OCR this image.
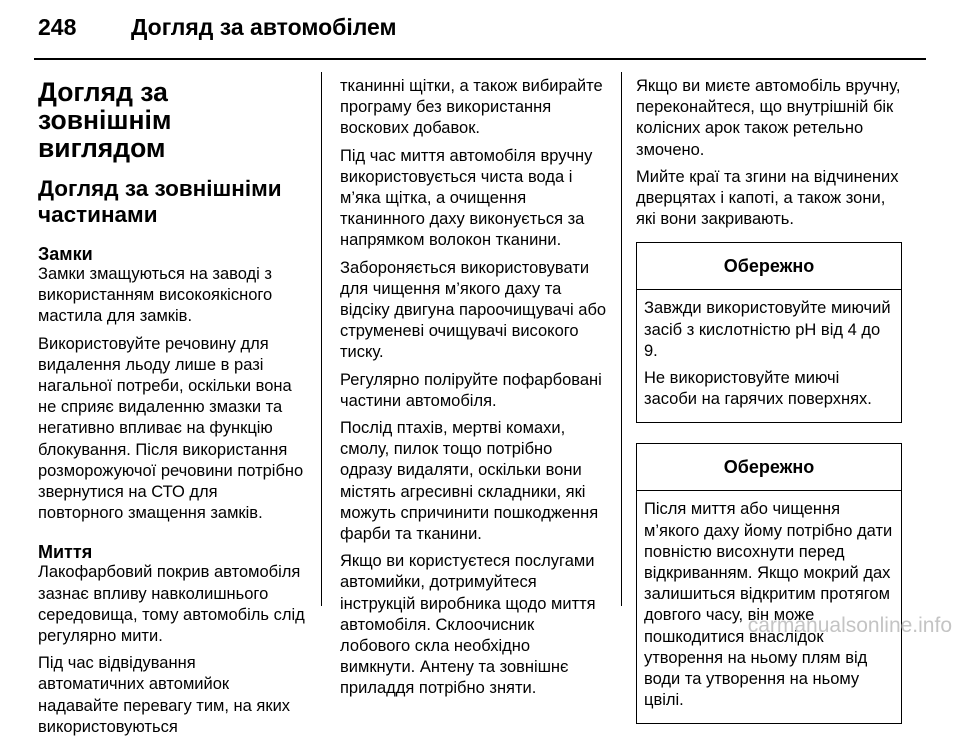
248 Догляд за автомобілем
Догляд за зовнішнім виглядом
Догляд за зовнішніми частинами
Замки

Замки змащуються на заводі з використанням високоякісного мастила для замків.

Використовуйте речовину для видалення льоду лише в разі нагальної потреби, оскільки вона не сприяє видаленню змазки та негативно впливає на функцію блокування. Після використання розморожуючої речовини потрібно звернутися на СТО для повторного змащення замків.

Миття

Лакофарбовий покрив автомобіля зазнає впливу навколишнього середовища, тому автомобіль слід регулярно мити.

Під час відвідування автоматичних автомийок надавайте перевагу тим, на яких використовуються

тканинні щітки, а також вибирайте програму без використання воскових добавок.

Під час миття автомобіля вручну використовується чиста вода і м’яка щітка, а очищення тканинного даху виконується за напрямком волокон тканини.

Забороняється використовувати для чищення м’якого даху та відсіку двигуна пароочищувачі або струменеві очищувачі високого тиску.

Регулярно поліруйте пофарбовані частини автомобіля.

Послід птахів, мертві комахи, смолу, пилок тощо потрібно одразу видаляти, оскільки вони містять агресивні складники, які можуть спричинити пошкодження фарби та тканини.

Якщо ви користуєтеся послугами автомийки, дотримуйтеся інструкцій виробника щодо миття автомобіля. Склоочисник лобового скла необхідно вимкнути. Антену та зовнішнє приладдя потрібно зняти.

Якщо ви миєте автомобіль вручну, переконайтеся, що внутрішній бік колісних арок також ретельно змочено.

Мийте краї та згини на відчинених дверцятах і капоті, а також зони, які вони закривають.

Обережно

Завжди використовуйте миючий засіб з кислотністю pH від 4 до 9.

Не використовуйте миючі засоби на гарячих поверхнях.

Обережно

Після миття або чищення м’якого даху йому потрібно дати повністю висохнути перед відкриванням. Якщо мокрий дах залишиться відкритим протягом довгого часу, він може пошкодитися внаслідок утворення на ньому плям від води та утворення на ньому цвілі.

carmanualsonline.info
